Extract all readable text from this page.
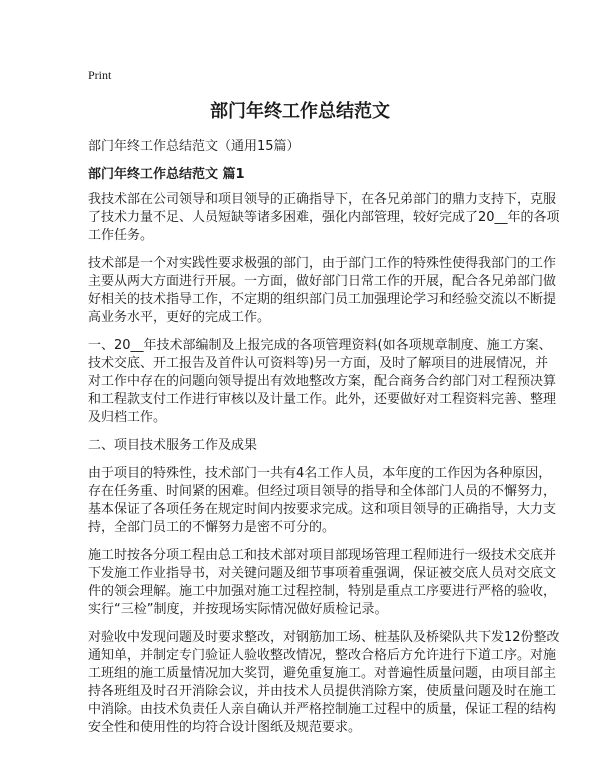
Print
部门年终工作总结范文

部门年终工作总结范文（通用15篇）

部门年终工作总结范文 篇1

我技术部在公司领导和项目领导的正确指导下，在各兄弟部门的鼎力支持下，克服
了技术力量不足、人员短缺等诸多困难，强化内部管理，较好完成了20__年的各项
工作任务。

技术部是一个对实践性要求极强的部门，由于部门工作的特殊性使得我部门的工作
主要从两大方面进行开展。一方面，做好部门日常工作的开展，配合各兄弟部门做
好相关的技术指导工作，不定期的组织部门员工加强理论学习和经验交流以不断提
高业务水平，更好的完成工作。

一、20__年技术部编制及上报完成的各项管理资料(如各项规章制度、施工方案、
技术交底、开工报告及首件认可资料等)另一方面，及时了解项目的进展情况，并
对工作中存在的问题向领导提出有效地整改方案，配合商务合约部门对工程预决算
和工程款支付工作进行审核以及计量工作。此外，还要做好对工程资料完善、整理
及归档工作。

二、项目技术服务工作及成果

由于项目的特殊性，技术部门一共有4名工作人员，本年度的工作因为各种原因，
存在任务重、时间紧的困难。但经过项目领导的指导和全体部门人员的不懈努力，
基本保证了各项任务在规定时间内按要求完成。这和项目领导的正确指导，大力支
持，全部门员工的不懈努力是密不可分的。

施工时按各分项工程由总工和技术部对项目部现场管理工程师进行一级技术交底并
下发施工作业指导书，对关键问题及细节事项着重强调，保证被交底人员对交底文
件的领会理解。施工中加强对施工过程控制，特别是重点工序要进行严格的验收，
实行“三检”制度，并按现场实际情况做好质检记录。

对验收中发现问题及时要求整改，对钢筋加工场、桩基队及桥梁队共下发12份整改
通知单，并制定专门验证人验收整改情况，整改合格后方允许进行下道工序。对施
工班组的施工质量情况加大奖罚，避免重复施工。对普遍性质量问题，由项目部主
持各班组及时召开消除会议，并由技术人员提供消除方案，使质量问题及时在施工
中消除。由技术负责任人亲自确认并严格控制施工过程中的质量，保证工程的结构
安全性和使用性的均符合设计图纸及规范要求。
